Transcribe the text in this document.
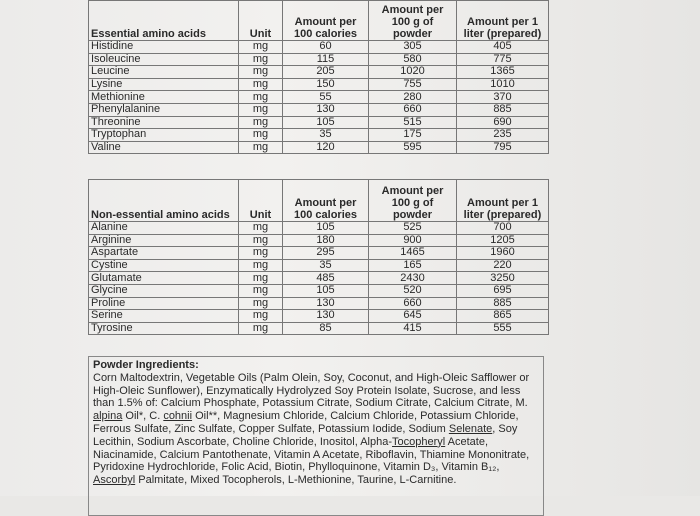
Essential amino acids	Unit	Amount per 100 calories	Amount per 100 g of powder	Amount per 1 liter (prepared)
Histidine	mg	60	305	405
Isoleucine	mg	115	580	775
Leucine	mg	205	1020	1365
Lysine	mg	150	755	1010
Methionine	mg	55	280	370
Phenylalanine	mg	130	660	885
Threonine	mg	105	515	690
Tryptophan	mg	35	175	235
Valine	mg	120	595	795
Non-essential amino acids	Unit	Amount per 100 calories	Amount per 100 g of powder	Amount per 1 liter (prepared)
Alanine	mg	105	525	700
Arginine	mg	180	900	1205
Aspartate	mg	295	1465	1960
Cystine	mg	35	165	220
Glutamate	mg	485	2430	3250
Glycine	mg	105	520	695
Proline	mg	130	660	885
Serine	mg	130	645	865
Tyrosine	mg	85	415	555
Powder Ingredients:
Corn Maltodextrin, Vegetable Oils (Palm Olein, Soy, Coconut, and High-Oleic Safflower or High-Oleic Sunflower), Enzymatically Hydrolyzed Soy Protein Isolate, Sucrose, and less than 1.5% of: Calcium Phosphate, Potassium Citrate, Sodium Citrate, Calcium Citrate, M. alpina Oil*, C. cohnii Oil**, Magnesium Chloride, Calcium Chloride, Potassium Chloride, Ferrous Sulfate, Zinc Sulfate, Copper Sulfate, Potassium Iodide, Sodium Selenate, Soy Lecithin, Sodium Ascorbate, Choline Chloride, Inositol, Alpha-Tocopheryl Acetate, Niacinamide, Calcium Pantothenate, Vitamin A Acetate, Riboflavin, Thiamine Mononitrate, Pyridoxine Hydrochloride, Folic Acid, Biotin, Phylloquinone, Vitamin D₃, Vitamin B₁₂, Ascorbyl Palmitate, Mixed Tocopherols, L-Methionine, Taurine, L-Carnitine.
